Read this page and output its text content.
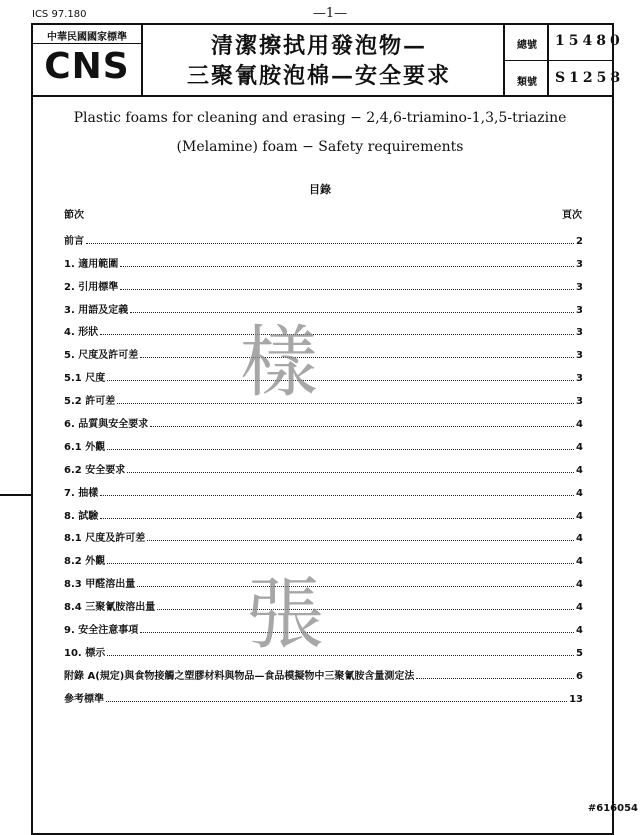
ICS 97.180	—1—
中華民國國家標準
CNS	清潔擦拭用發泡物—
三聚氰胺泡棉—安全要求
總號	15480
類號	S1258
Plastic foams for cleaning and erasing − 2,4,6-triamino-1,3,5-triazine
(Melamine) foam − Safety requirements
目錄
節次	頁次
前言	2
1. 適用範圍	3
2. 引用標準	3
3. 用語及定義	3
4. 形狀	3
5. 尺度及許可差	3
5.1 尺度	3
5.2 許可差	3
6. 品質與安全要求	4
6.1 外觀	4
6.2 安全要求	4
7. 抽樣	4
8. 試驗	4
8.1 尺度及許可差	4
8.2 外觀	4
8.3 甲醛溶出量	4
8.4 三聚氰胺溶出量	4
9. 安全注意事項	4
10. 標示	5
附錄 A(規定)與食物接觸之塑膠材料與物品—食品模擬物中三聚氰胺含量測定法	6
參考標準	13
樣
張
#616054
